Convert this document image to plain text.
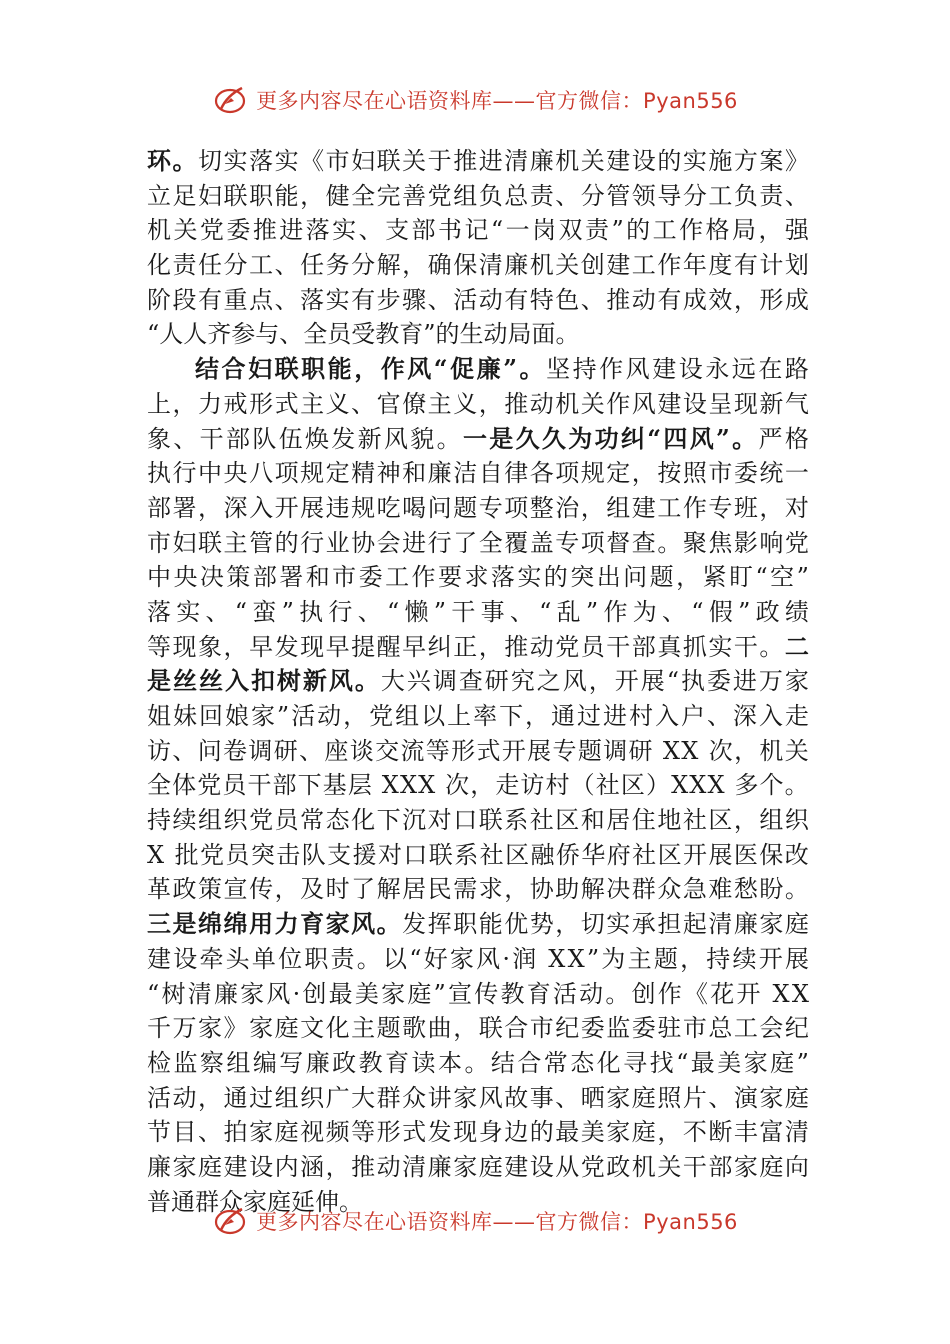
更多内容尽在心语资料库——官方微信：Pyan556
环 。 切 实 落 实 《 市 妇 联 关 于 推 进 清 廉 机 关 建 设 的 实 施 方 案 》
立 足 妇 联 职 能 ， 健 全 完 善 党 组 负 总 责 、 分 管 领 导 分 工 负 责 、
机 关 党 委 推 进 落 实 、 支 部 书 记 “ 一 岗 双 责 ” 的 工 作 格 局 ， 强
化 责 任 分 工 、 任 务 分 解 ， 确 保 清 廉 机 关 创 建 工 作 年 度 有 计 划
阶 段 有 重 点 、 落 实 有 步 骤 、 活 动 有 特 色 、 推 动 有 成 效 ， 形 成
“人人齐参与、全员受教育”的生动局面。
结 合 妇 联 职 能 ， 作 风 “ 促 廉 ” 。 坚 持 作 风 建 设 永 远 在 路
上 ， 力 戒 形 式 主 义 、 官 僚 主 义 ， 推 动 机 关 作 风 建 设 呈 现 新 气
象 、 干 部 队 伍 焕 发 新 风 貌 。 一 是 久 久 为 功 纠 “ 四 风 ” 。 严 格
执 行 中 央 八 项 规 定 精 神 和 廉 洁 自 律 各 项 规 定 ， 按 照 市 委 统 一
部 署 ， 深 入 开 展 违 规 吃 喝 问 题 专 项 整 治 ， 组 建 工 作 专 班 ， 对
市 妇 联 主 管 的 行 业 协 会 进 行 了 全 覆 盖 专 项 督 查 。 聚 焦 影 响 党
中 央 决 策 部 署 和 市 委 工 作 要 求 落 实 的 突 出 问 题 ， 紧 盯 “ 空 ”
落 实 、 “ 蛮 ” 执 行 、 “ 懒 ” 干 事 、 “ 乱 ” 作 为 、 “ 假 ” 政 绩
等 现 象 ， 早 发 现 早 提 醒 早 纠 正 ， 推 动 党 员 干 部 真 抓 实 干 。 二
是 丝 丝 入 扣 树 新 风 。 大 兴 调 查 研 究 之 风 ， 开 展 “ 执 委 进 万 家
姐 妹 回 娘 家 ” 活 动 ， 党 组 以 上 率 下 ， 通 过 进 村 入 户 、 深 入 走
访 、 问 卷 调 研 、 座 谈 交 流 等 形 式 开 展 专 题 调 研
X X
次 ， 机 关
全 体 党 员 干 部 下 基 层
X X X
次 ， 走 访 村 （ 社 区 ） X X X
多 个 。
持 续 组 织 党 员 常 态 化 下 沉 对 口 联 系 社 区 和 居 住 地 社 区 ， 组 织
X
批 党 员 突 击 队 支 援 对 口 联 系 社 区 融 侨 华 府 社 区 开 展 医 保 改
革 政 策 宣 传 ， 及 时 了 解 居 民 需 求 ， 协 助 解 决 群 众 急 难 愁 盼 。
三 是 绵 绵 用 力 育 家 风 。 发 挥 职 能 优 势 ， 切 实 承 担 起 清 廉 家 庭
建 设 牵 头 单 位 职 责 。 以 “ 好 家 风 · 润
X X ” 为 主 题 ， 持 续 开 展
“ 树 清 廉 家 风 · 创 最 美 家 庭 ” 宣 传 教 育 活 动 。 创 作 《 花 开
X X
千 万 家 》 家 庭 文 化 主 题 歌 曲 ， 联 合 市 纪 委 监 委 驻 市 总 工 会 纪
检 监 察 组 编 写 廉 政 教 育 读 本 。 结 合 常 态 化 寻 找 “ 最 美 家 庭 ”
活 动 ， 通 过 组 织 广 大 群 众 讲 家 风 故 事 、 晒 家 庭 照 片 、 演 家 庭
节 目 、 拍 家 庭 视 频 等 形 式 发 现 身 边 的 最 美 家 庭 ， 不 断 丰 富 清
廉 家 庭 建 设 内 涵 ， 推 动 清 廉 家 庭 建 设 从 党 政 机 关 干 部 家 庭 向
普通群众家庭延伸。
更多内容尽在心语资料库——官方微信：Pyan556
